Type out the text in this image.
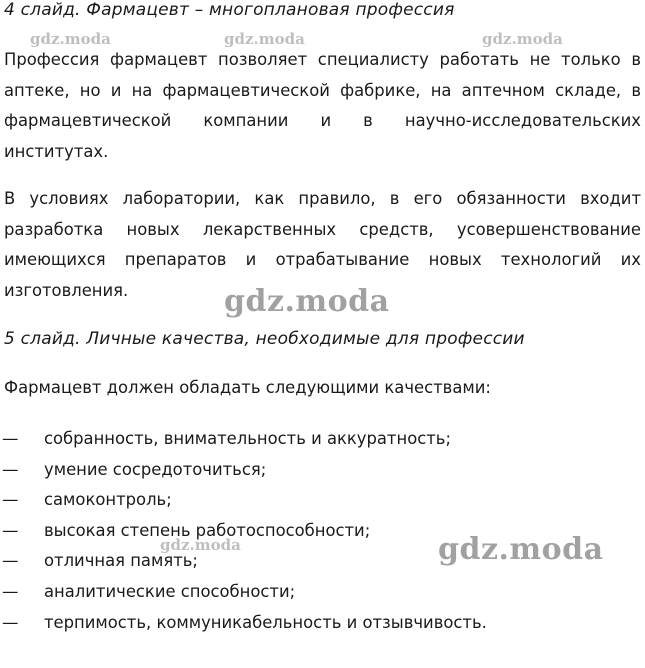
4 слайд. Фармацевт – многоплановая профессия

Профессия фармацевт позволяет специалисту работать не только в аптеке, но и на фармацевтической фабрике, на аптечном складе, в фармацевтической компании и в научно-исследовательских институтах.

В условиях лаборатории, как правило, в его обязанности входит разработка новых лекарственных средств, усовершенствование имеющихся препаратов и отрабатывание новых технологий их изготовления.

5 слайд. Личные качества, необходимые для профессии
Фармацевт должен обладать следующими качествами:
—	собранность, внимательность и аккуратность;
—	умение сосредоточиться;
—	самоконтроль;
—	высокая степень работоспособности;
—	отличная память;
—	аналитические способности;
—	терпимость, коммуникабельность и отзывчивость.
gdz.moda	gdz.moda	gdz.moda
gdz.moda
gdz.moda	gdz.moda
